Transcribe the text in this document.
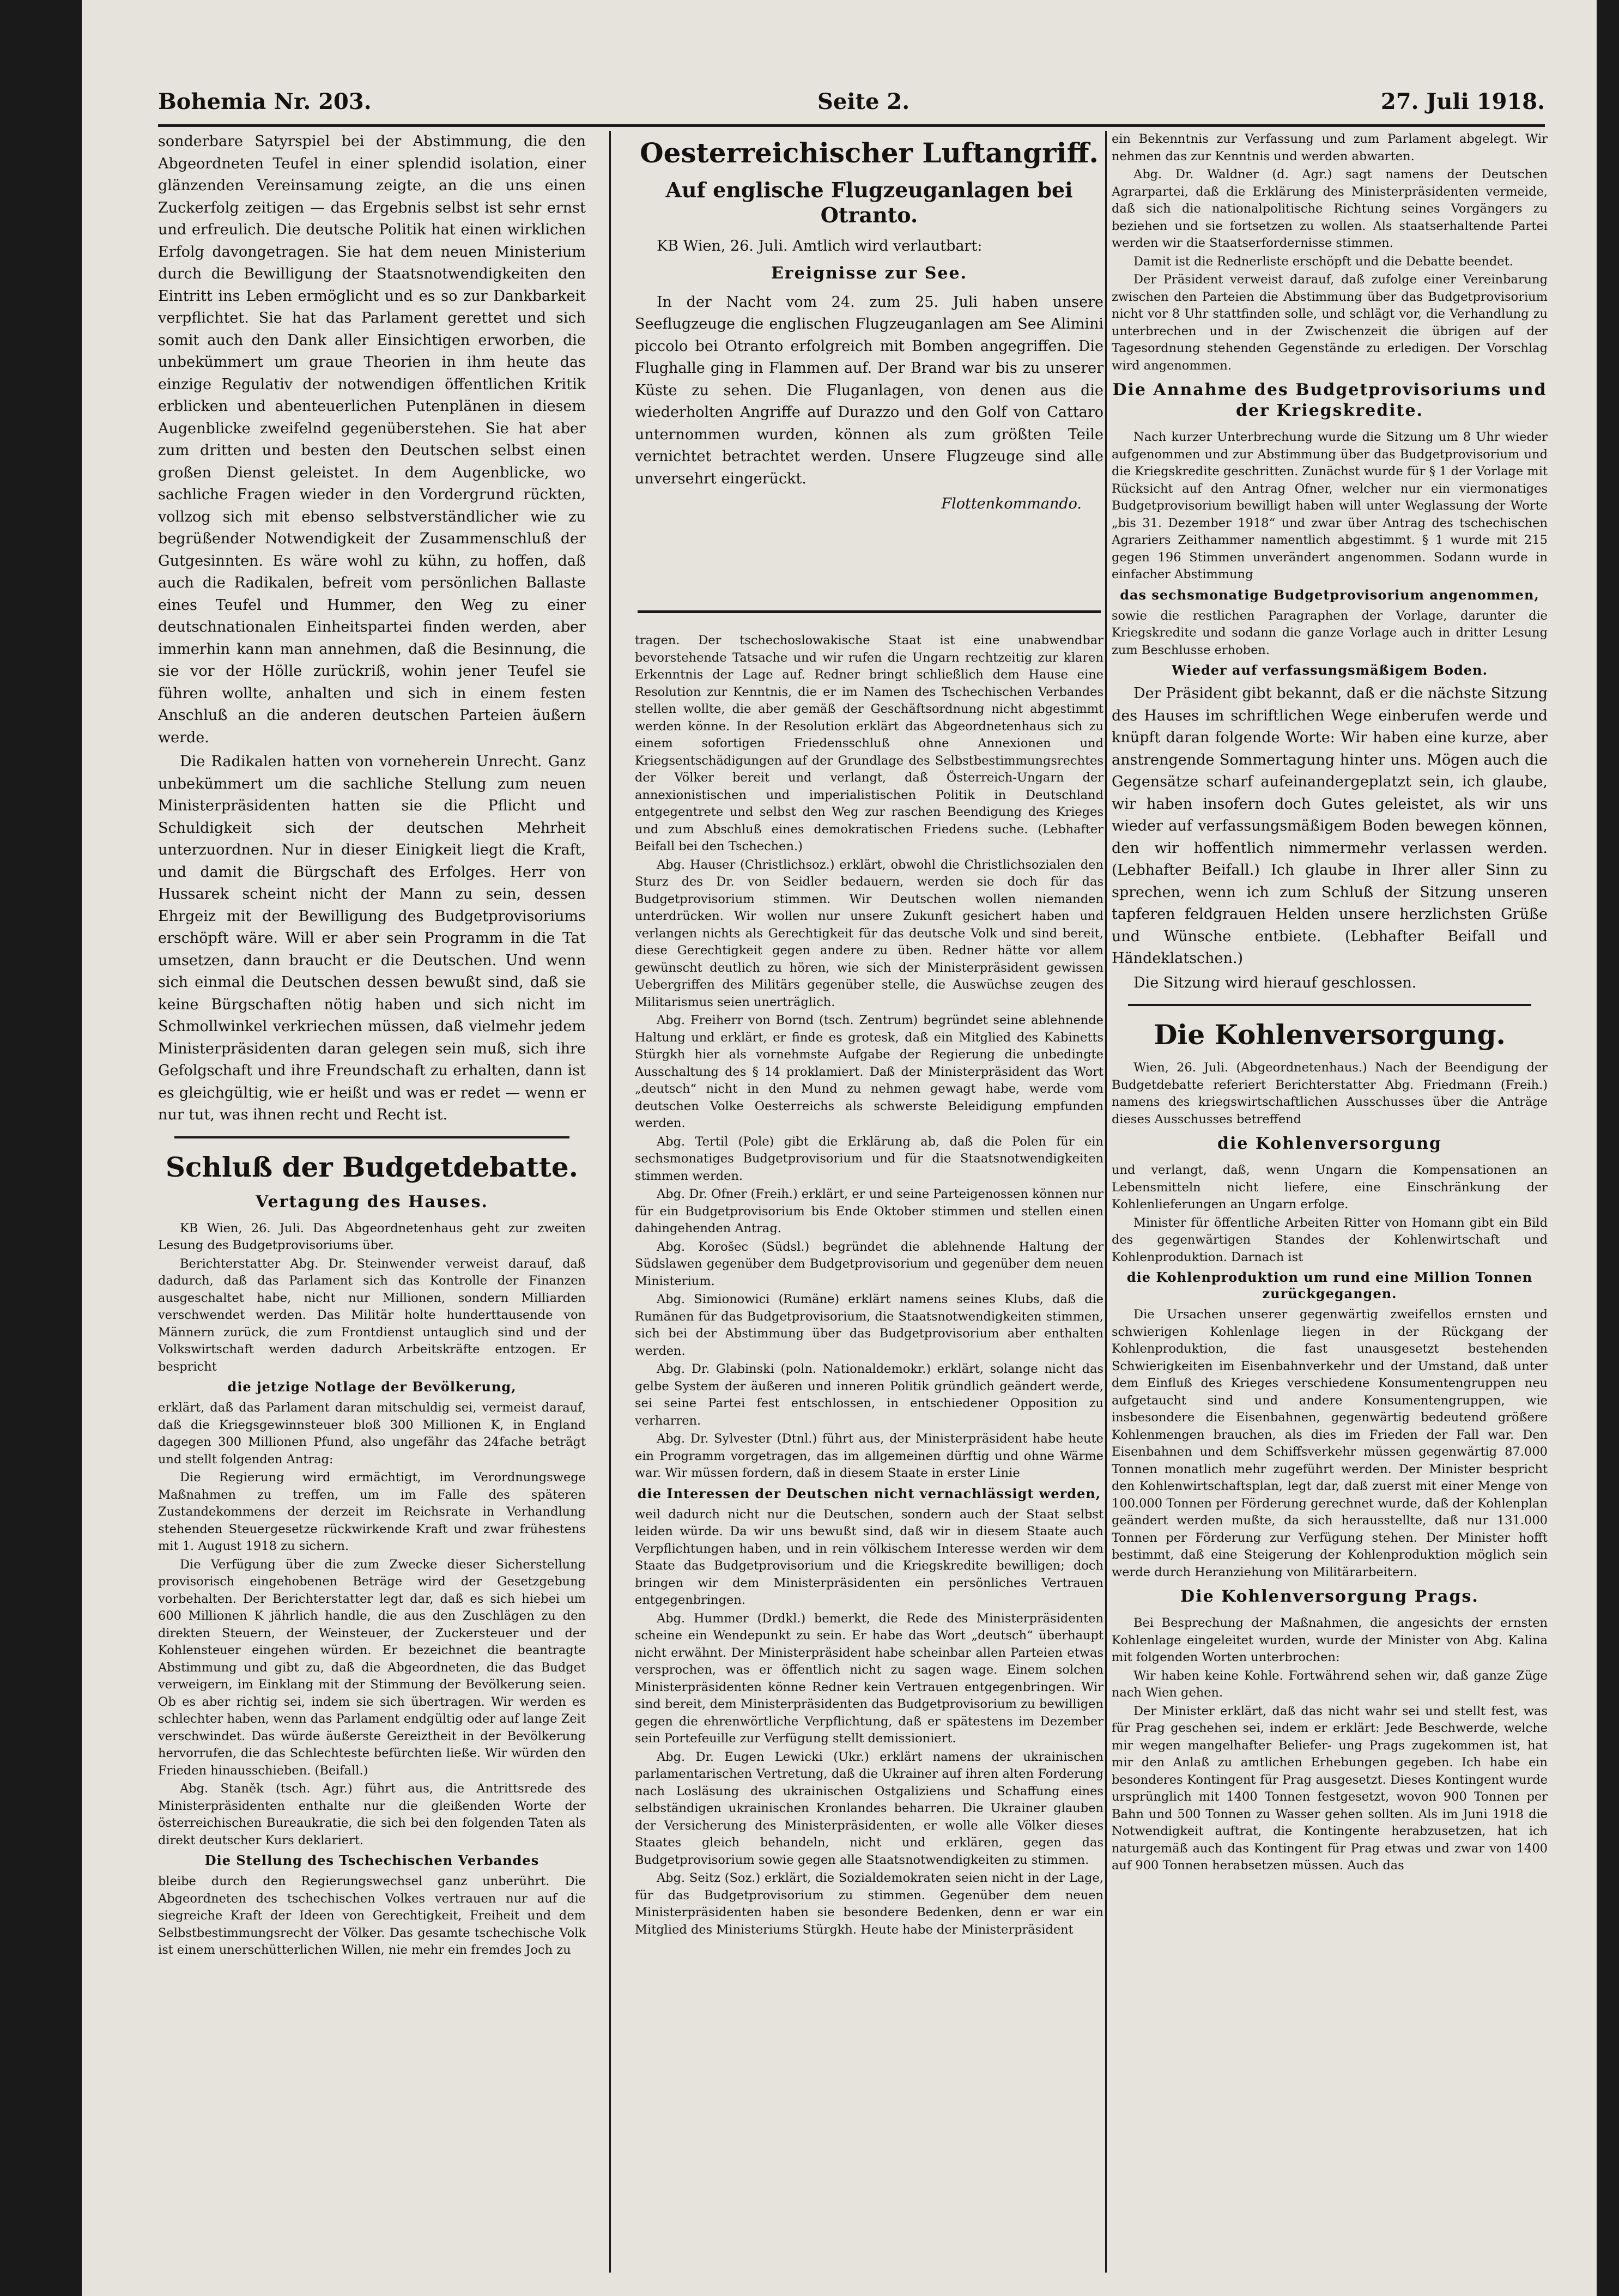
Bohemia Nr. 203.	Seite 2.	27. Juli 1918.

sonderbare Satyrspiel bei der Abstimmung, die den Abgeordneten Teufel in einer splendid isolation, einer glänzenden Vereinsamung zeigte, an die uns einen Zuckerfolg zeitigen — das Ergebnis selbst ist sehr ernst und erfreulich. Die deutsche Politik hat einen wirklichen Erfolg davongetragen. Sie hat dem neuen Ministerium durch die Bewilligung der Staatsnotwendigkeiten den Eintritt ins Leben ermöglicht und es so zur Dankbarkeit verpflichtet. Sie hat das Parlament gerettet und sich somit auch den Dank aller Einsichtigen erworben, die unbekümmert um graue Theorien in ihm heute das einzige Regulativ der notwendigen öffentlichen Kritik erblicken und abenteuerlichen Putenplänen in diesem Augenblicke zweifelnd gegenüberstehen. Sie hat aber zum dritten und besten den Deutschen selbst einen großen Dienst geleistet. In dem Augenblicke, wo sachliche Fragen wieder in den Vordergrund rückten, vollzog sich mit ebenso selbstverständlicher wie zu begrüßender Notwendigkeit der Zusammenschluß der Gutgesinnten. Es wäre wohl zu kühn, zu hoffen, daß auch die Radikalen, befreit vom persönlichen Ballaste eines Teufel und Hummer, den Weg zu einer deutschnationalen Einheitspartei finden werden, aber immerhin kann man annehmen, daß die Besinnung, die sie vor der Hölle zurückriß, wohin jener Teufel sie führen wollte, anhalten und sich in einem festen Anschluß an die anderen deutschen Parteien äußern werde.

Die Radikalen hatten von vorneherein Unrecht. Ganz unbekümmert um die sachliche Stellung zum neuen Ministerpräsidenten hatten sie die Pflicht und Schuldigkeit sich der deutschen Mehrheit unterzuordnen. Nur in dieser Einigkeit liegt die Kraft, und damit die Bürgschaft des Erfolges. Herr von Hussarek scheint nicht der Mann zu sein, dessen Ehrgeiz mit der Bewilligung des Budgetprovisoriums erschöpft wäre. Will er aber sein Programm in die Tat umsetzen, dann braucht er die Deutschen. Und wenn sich einmal die Deutschen dessen bewußt sind, daß sie keine Bürgschaften nötig haben und sich nicht im Schmollwinkel verkriechen müssen, daß vielmehr jedem Ministerpräsidenten daran gelegen sein muß, sich ihre Gefolgschaft und ihre Freundschaft zu erhalten, dann ist es gleichgültig, wie er heißt und was er redet — wenn er nur tut, was ihnen recht und Recht ist.

Schluß der Budgetdebatte.
Vertagung des Hauses.

KB Wien, 26. Juli. Das Abgeordnetenhaus geht zur zweiten Lesung des Budgetprovisoriums über.

Berichterstatter Abg. Dr. Steinwender verweist darauf, daß dadurch, daß das Parlament sich das Kontrolle der Finanzen ausgeschaltet habe, nicht nur Millionen, sondern Milliarden verschwendet werden. Das Militär holte hunderttausende von Männern zurück, die zum Frontdienst untauglich sind und der Volkswirtschaft werden dadurch Arbeitskräfte entzogen. Er bespricht

die jetzige Notlage der Bevölkerung,

erklärt, daß das Parlament daran mitschuldig sei, vermeist darauf, daß die Kriegsgewinnsteuer bloß 300 Millionen K, in England dagegen 300 Millionen Pfund, also ungefähr das 24fache beträgt und stellt folgenden Antrag:

Die Regierung wird ermächtigt, im Verordnungswege Maßnahmen zu treffen, um im Falle des späteren Zustandekommens der derzeit im Reichsrate in Verhandlung stehenden Steuergesetze rückwirkende Kraft und zwar frühestens mit 1. August 1918 zu sichern.

Die Verfügung über die zum Zwecke dieser Sicherstellung provisorisch eingehobenen Beträge wird der Gesetzgebung vorbehalten. Der Berichterstatter legt dar, daß es sich hiebei um 600 Millionen K jährlich handle, die aus den Zuschlägen zu den direkten Steuern, der Weinsteuer, der Zuckersteuer und der Kohlensteuer eingehen würden. Er bezeichnet die beantragte Abstimmung und gibt zu, daß die Abgeordneten, die das Budget verweigern, im Einklang mit der Stimmung der Bevölkerung seien. Ob es aber richtig sei, indem sie sich übertragen. Wir werden es schlechter haben, wenn das Parlament endgültig oder auf lange Zeit verschwindet. Das würde äußerste Gereiztheit in der Bevölkerung hervorrufen, die das Schlechteste befürchten ließe. Wir würden den Frieden hinausschieben. (Beifall.)

Abg. Staněk (tsch. Agr.) führt aus, die Antrittsrede des Ministerpräsidenten enthalte nur die gleißenden Worte der österreichischen Bureaukratie, die sich bei den folgenden Taten als direkt deutscher Kurs deklariert.

Die Stellung des Tschechischen Verbandes

bleibe durch den Regierungswechsel ganz unberührt. Die Abgeordneten des tschechischen Volkes vertrauen nur auf die siegreiche Kraft der Ideen von Gerechtigkeit, Freiheit und dem Selbstbestimmungsrecht der Völker. Das gesamte tschechische Volk ist einem unerschütterlichen Willen, nie mehr ein fremdes Joch zu

Oesterreichischer Luftangriff.
Auf englische Flugzeuganlagen bei Otranto.

KB Wien, 26. Juli. Amtlich wird verlautbart:

Ereignisse zur See.

In der Nacht vom 24. zum 25. Juli haben unsere Seeflugzeuge die englischen Flugzeuganlagen am See Alimini piccolo bei Otranto erfolgreich mit Bomben angegriffen. Die Flughalle ging in Flammen auf. Der Brand war bis zu unserer Küste zu sehen. Die Fluganlagen, von denen aus die wiederholten Angriffe auf Durazzo und den Golf von Cattaro unternommen wurden, können als zum größten Teile vernichtet betrachtet werden. Unsere Flugzeuge sind alle unversehrt eingerückt.

Flottenkommando.

tragen. Der tschechoslowakische Staat ist eine unabwendbar bevorstehende Tatsache und wir rufen die Ungarn rechtzeitig zur klaren Erkenntnis der Lage auf. Redner bringt schließlich dem Hause eine Resolution zur Kenntnis, die er im Namen des Tschechischen Verbandes stellen wollte, die aber gemäß der Geschäftsordnung nicht abgestimmt werden könne. In der Resolution erklärt das Abgeordnetenhaus sich zu einem sofortigen Friedensschluß ohne Annexionen und Kriegsentschädigungen auf der Grundlage des Selbstbestimmungsrechtes der Völker bereit und verlangt, daß Österreich-Ungarn der annexionistischen und imperialistischen Politik in Deutschland entgegentrete und selbst den Weg zur raschen Beendigung des Krieges und zum Abschluß eines demokratischen Friedens suche. (Lebhafter Beifall bei den Tschechen.)

Abg. Hauser (Christlichsoz.) erklärt, obwohl die Christlichsozialen den Sturz des Dr. von Seidler bedauern, werden sie doch für das Budgetprovisorium stimmen. Wir Deutschen wollen niemanden unterdrücken. Wir wollen nur unsere Zukunft gesichert haben und verlangen nichts als Gerechtigkeit für das deutsche Volk und sind bereit, diese Gerechtigkeit gegen andere zu üben. Redner hätte vor allem gewünscht deutlich zu hören, wie sich der Ministerpräsident gewissen Uebergriffen des Militärs gegenüber stelle, die Auswüchse zeugen des Militarismus seien unerträglich.

Abg. Freiherr von Bornd (tsch. Zentrum) begründet seine ablehnende Haltung und erklärt, er finde es grotesk, daß ein Mitglied des Kabinetts Stürgkh hier als vornehmste Aufgabe der Regierung die unbedingte Ausschaltung des § 14 proklamiert. Daß der Ministerpräsident das Wort „deutsch“ nicht in den Mund zu nehmen gewagt habe, werde vom deutschen Volke Oesterreichs als schwerste Beleidigung empfunden werden.

Abg. Tertil (Pole) gibt die Erklärung ab, daß die Polen für ein sechsmonatiges Budgetprovisorium und für die Staatsnotwendigkeiten stimmen werden.

Abg. Dr. Ofner (Freih.) erklärt, er und seine Parteigenossen können nur für ein Budgetprovisorium bis Ende Oktober stimmen und stellen einen dahingehenden Antrag.

Abg. Korošec (Südsl.) begründet die ablehnende Haltung der Südslawen gegenüber dem Budgetprovisorium und gegenüber dem neuen Ministerium.

Abg. Simionowici (Rumäne) erklärt namens seines Klubs, daß die Rumänen für das Budgetprovisorium, die Staatsnotwendigkeiten stimmen, sich bei der Abstimmung über das Budgetprovisorium aber enthalten werden.

Abg. Dr. Glabinski (poln. Nationaldemokr.) erklärt, solange nicht das gelbe System der äußeren und inneren Politik gründlich geändert werde, sei seine Partei fest entschlossen, in entschiedener Opposition zu verharren.

Abg. Dr. Sylvester (Dtnl.) führt aus, der Ministerpräsident habe heute ein Programm vorgetragen, das im allgemeinen dürftig und ohne Wärme war. Wir müssen fordern, daß in diesem Staate in erster Linie

die Interessen der Deutschen nicht vernachlässigt werden,

weil dadurch nicht nur die Deutschen, sondern auch der Staat selbst leiden würde. Da wir uns bewußt sind, daß wir in diesem Staate auch Verpflichtungen haben, und in rein völkischem Interesse werden wir dem Staate das Budgetprovisorium und die Kriegskredite bewilligen; doch bringen wir dem Ministerpräsidenten ein persönliches Vertrauen entgegenbringen.

Abg. Hummer (Drdkl.) bemerkt, die Rede des Ministerpräsidenten scheine ein Wendepunkt zu sein. Er habe das Wort „deutsch“ überhaupt nicht erwähnt. Der Ministerpräsident habe scheinbar allen Parteien etwas versprochen, was er öffentlich nicht zu sagen wage. Einem solchen Ministerpräsidenten könne Redner kein Vertrauen entgegenbringen. Wir sind bereit, dem Ministerpräsidenten das Budgetprovisorium zu bewilligen gegen die ehrenwörtliche Verpflichtung, daß er spätestens im Dezember sein Portefeuille zur Verfügung stellt demissioniert.

Abg. Dr. Eugen Lewicki (Ukr.) erklärt namens der ukrainischen parlamentarischen Vertretung, daß die Ukrainer auf ihren alten Forderung nach Losläsung des ukrainischen Ostgaliziens und Schaffung eines selbständigen ukrainischen Kronlandes beharren. Die Ukrainer glauben der Versicherung des Ministerpräsidenten, er wolle alle Völker dieses Staates gleich behandeln, nicht und erklären, gegen das Budgetprovisorium sowie gegen alle Staatsnotwendigkeiten zu stimmen.

Abg. Seitz (Soz.) erklärt, die Sozialdemokraten seien nicht in der Lage, für das Budgetprovisorium zu stimmen. Gegenüber dem neuen Ministerpräsidenten haben sie besondere Bedenken, denn er war ein Mitglied des Ministeriums Stürgkh. Heute habe der Ministerpräsident

ein Bekenntnis zur Verfassung und zum Parlament abgelegt. Wir nehmen das zur Kenntnis und werden abwarten.

Abg. Dr. Waldner (d. Agr.) sagt namens der Deutschen Agrarpartei, daß die Erklärung des Ministerpräsidenten vermeide, daß sich die nationalpolitische Richtung seines Vorgängers zu beziehen und sie fortsetzen zu wollen. Als staatserhaltende Partei werden wir die Staatserfordernisse stimmen.

Damit ist die Rednerliste erschöpft und die Debatte beendet.

Der Präsident verweist darauf, daß zufolge einer Vereinbarung zwischen den Parteien die Abstimmung über das Budgetprovisorium nicht vor 8 Uhr stattfinden solle, und schlägt vor, die Verhandlung zu unterbrechen und in der Zwischenzeit die übrigen auf der Tagesordnung stehenden Gegenstände zu erledigen. Der Vorschlag wird angenommen.

Die Annahme des Budgetprovisoriums und der Kriegskredite.

Nach kurzer Unterbrechung wurde die Sitzung um 8 Uhr wieder aufgenommen und zur Abstimmung über das Budgetprovisorium und die Kriegskredite geschritten. Zunächst wurde für § 1 der Vorlage mit Rücksicht auf den Antrag Ofner, welcher nur ein viermonatiges Budgetprovisorium bewilligt haben will unter Weglassung der Worte „bis 31. Dezember 1918“ und zwar über Antrag des tschechischen Agrariers Zeithammer namentlich abgestimmt. § 1 wurde mit 215 gegen 196 Stimmen unverändert angenommen. Sodann wurde in einfacher Abstimmung

das sechsmonatige Budgetprovisorium angenommen,

sowie die restlichen Paragraphen der Vorlage, darunter die Kriegskredite und sodann die ganze Vorlage auch in dritter Lesung zum Beschlusse erhoben.

Wieder auf verfassungsmäßigem Boden.

Der Präsident gibt bekannt, daß er die nächste Sitzung des Hauses im schriftlichen Wege einberufen werde und knüpft daran folgende Worte: Wir haben eine kurze, aber anstrengende Sommertagung hinter uns. Mögen auch die Gegensätze scharf aufeinandergeplatzt sein, ich glaube, wir haben insofern doch Gutes geleistet, als wir uns wieder auf verfassungsmäßigem Boden bewegen können, den wir hoffentlich nimmermehr verlassen werden. (Lebhafter Beifall.) Ich glaube in Ihrer aller Sinn zu sprechen, wenn ich zum Schluß der Sitzung unseren tapferen feldgrauen Helden unsere herzlichsten Grüße und Wünsche entbiete. (Lebhafter Beifall und Händeklatschen.)

Die Sitzung wird hierauf geschlossen.

Die Kohlenversorgung.

Wien, 26. Juli. (Abgeordnetenhaus.) Nach der Beendigung der Budgetdebatte referiert Berichterstatter Abg. Friedmann (Freih.) namens des kriegswirtschaftlichen Ausschusses über die Anträge dieses Ausschusses betreffend

die Kohlenversorgung

und verlangt, daß, wenn Ungarn die Kompensationen an Lebensmitteln nicht liefere, eine Einschränkung der Kohlenlieferungen an Ungarn erfolge.

Minister für öffentliche Arbeiten Ritter von Homann gibt ein Bild des gegenwärtigen Standes der Kohlenwirtschaft und Kohlenproduktion. Darnach ist

die Kohlenproduktion um rund eine Million Tonnen zurückgegangen.

Die Ursachen unserer gegenwärtig zweifellos ernsten und schwierigen Kohlenlage liegen in der Rückgang der Kohlenproduktion, die fast unausgesetzt bestehenden Schwierigkeiten im Eisenbahnverkehr und der Umstand, daß unter dem Einfluß des Krieges verschiedene Konsumentengruppen neu aufgetaucht sind und andere Konsumentengruppen, wie insbesondere die Eisenbahnen, gegenwärtig bedeutend größere Kohlenmengen brauchen, als dies im Frieden der Fall war. Den Eisenbahnen und dem Schiffsverkehr müssen gegenwärtig 87.000 Tonnen monatlich mehr zugeführt werden. Der Minister bespricht den Kohlenwirtschaftsplan, legt dar, daß zuerst mit einer Menge von 100.000 Tonnen per Förderung gerechnet wurde, daß der Kohlenplan geändert werden mußte, da sich herausstellte, daß nur 131.000 Tonnen per Förderung zur Verfügung stehen. Der Minister hofft bestimmt, daß eine Steigerung der Kohlenproduktion möglich sein werde durch Heranziehung von Militärarbeitern.

Die Kohlenversorgung Prags.

Bei Besprechung der Maßnahmen, die angesichts der ernsten Kohlenlage eingeleitet wurden, wurde der Minister von Abg. Kalina mit folgenden Worten unterbrochen:

Wir haben keine Kohle. Fortwährend sehen wir, daß ganze Züge nach Wien gehen.

Der Minister erklärt, daß das nicht wahr sei und stellt fest, was für Prag geschehen sei, indem er erklärt: Jede Beschwerde, welche mir wegen mangelhafter Beliefer- ung Prags zugekommen ist, hat mir den Anlaß zu amtlichen Erhebungen gegeben. Ich habe ein besonderes Kontingent für Prag ausgesetzt. Dieses Kontingent wurde ursprünglich mit 1400 Tonnen festgesetzt, wovon 900 Tonnen per Bahn und 500 Tonnen zu Wasser gehen sollten. Als im Juni 1918 die Notwendigkeit auftrat, die Kontingente herabzusetzen, hat ich naturgemäß auch das Kontingent für Prag etwas und zwar von 1400 auf 900 Tonnen herabsetzen müssen. Auch das
